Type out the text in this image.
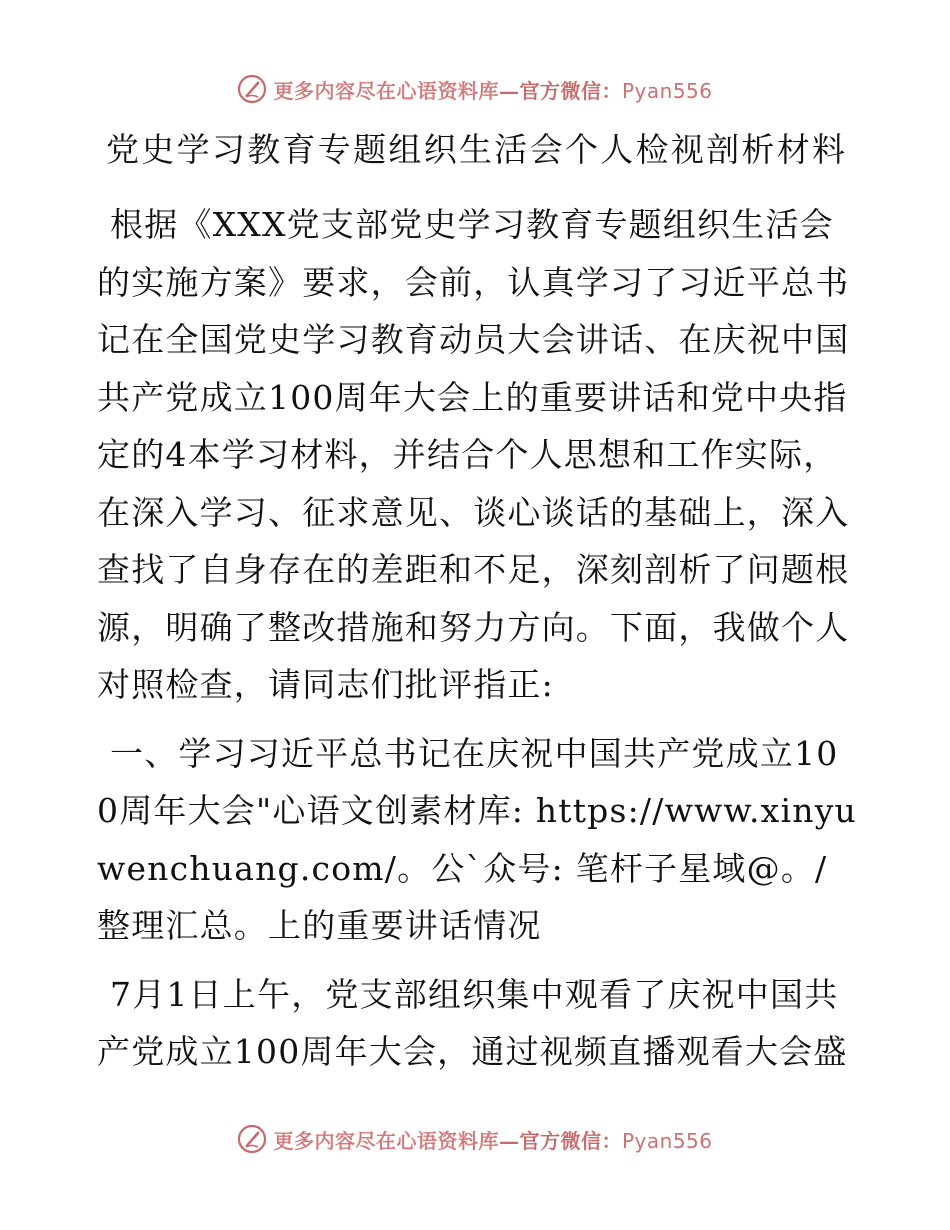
更多内容尽在心语资料库—官方微信：Pyan556
党史学习教育专题组织生活会个人检视剖析材料

根据《XXX党支部党史学习教育专题组织生活会的实施方案》要求，会前，认真学习了习近平总书记在全国党史学习教育动员大会讲话、在庆祝中国共产党成立100周年大会上的重要讲话和党中央指定的4本学习材料，并结合个人思想和工作实际，在深入学习、征求意见、谈心谈话的基础上，深入查找了自身存在的差距和不足，深刻剖析了问题根源，明确了整改措施和努力方向。下面，我做个人对照检查，请同志们批评指正:

一、学习习近平总书记在庆祝中国共产党成立100周年大会"心语文创素材库: https://www.xinyuwenchuang.com/。公`众号: 笔杆子星域@。/整理汇总。上的重要讲话情况

7月1日上午，党支部组织集中观看了庆祝中国共产党成立100周年大会，通过视频直播观看大会盛

更多内容尽在心语资料库—官方微信：Pyan556
